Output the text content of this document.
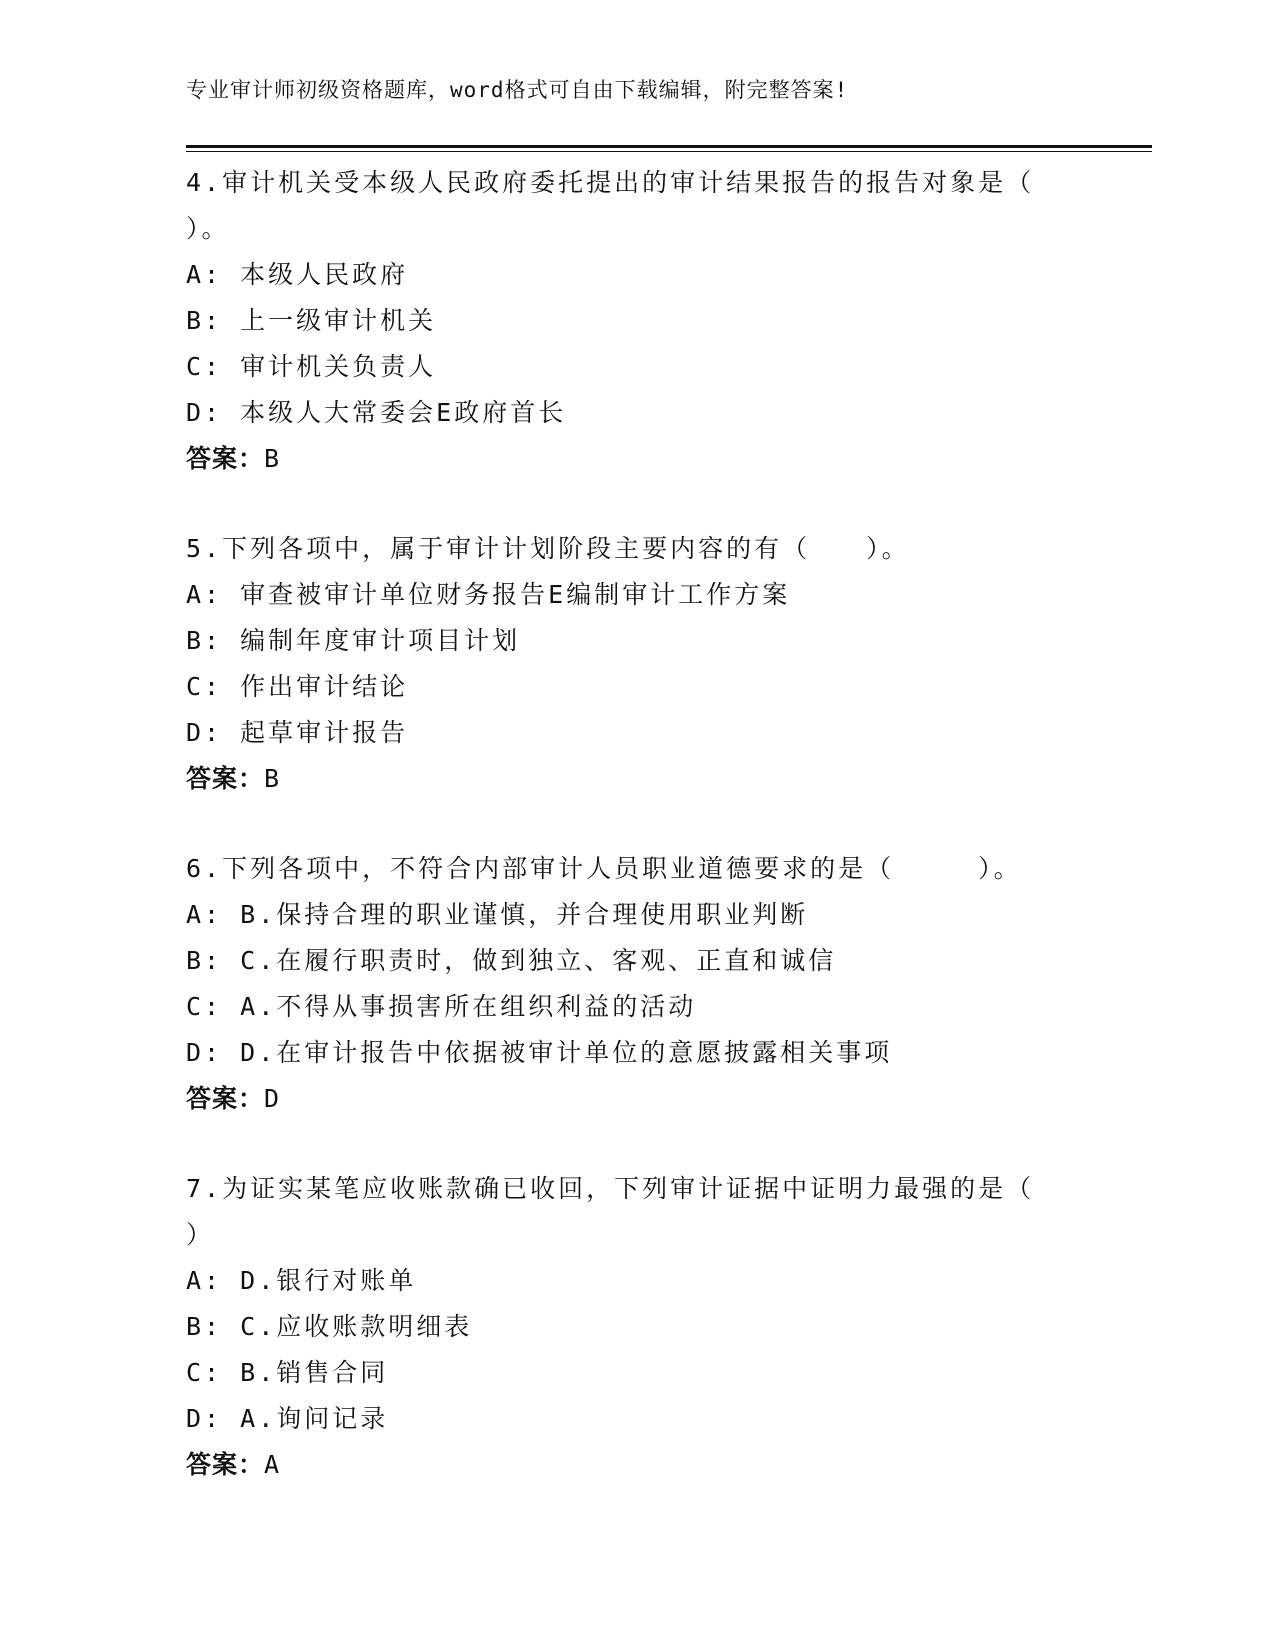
专业审计师初级资格题库，word格式可自由下载编辑，附完整答案!
4.审计机关受本级人民政府委托提出的审计结果报告的报告对象是（
）。
A: 本级人民政府
B: 上一级审计机关
C: 审计机关负责人
D: 本级人大常委会E政府首长
答案：B
5.下列各项中，属于审计计划阶段主要内容的有（　　）。
A: 审查被审计单位财务报告E编制审计工作方案
B: 编制年度审计项目计划
C: 作出审计结论
D: 起草审计报告
答案：B
6.下列各项中，不符合内部审计人员职业道德要求的是（　　　）。
A: B.保持合理的职业谨慎，并合理使用职业判断
B: C.在履行职责时，做到独立、客观、正直和诚信
C: A.不得从事损害所在组织利益的活动
D: D.在审计报告中依据被审计单位的意愿披露相关事项
答案：D
7.为证实某笔应收账款确已收回，下列审计证据中证明力最强的是（
）
A: D.银行对账单
B: C.应收账款明细表
C: B.销售合同
D: A.询问记录
答案：A
